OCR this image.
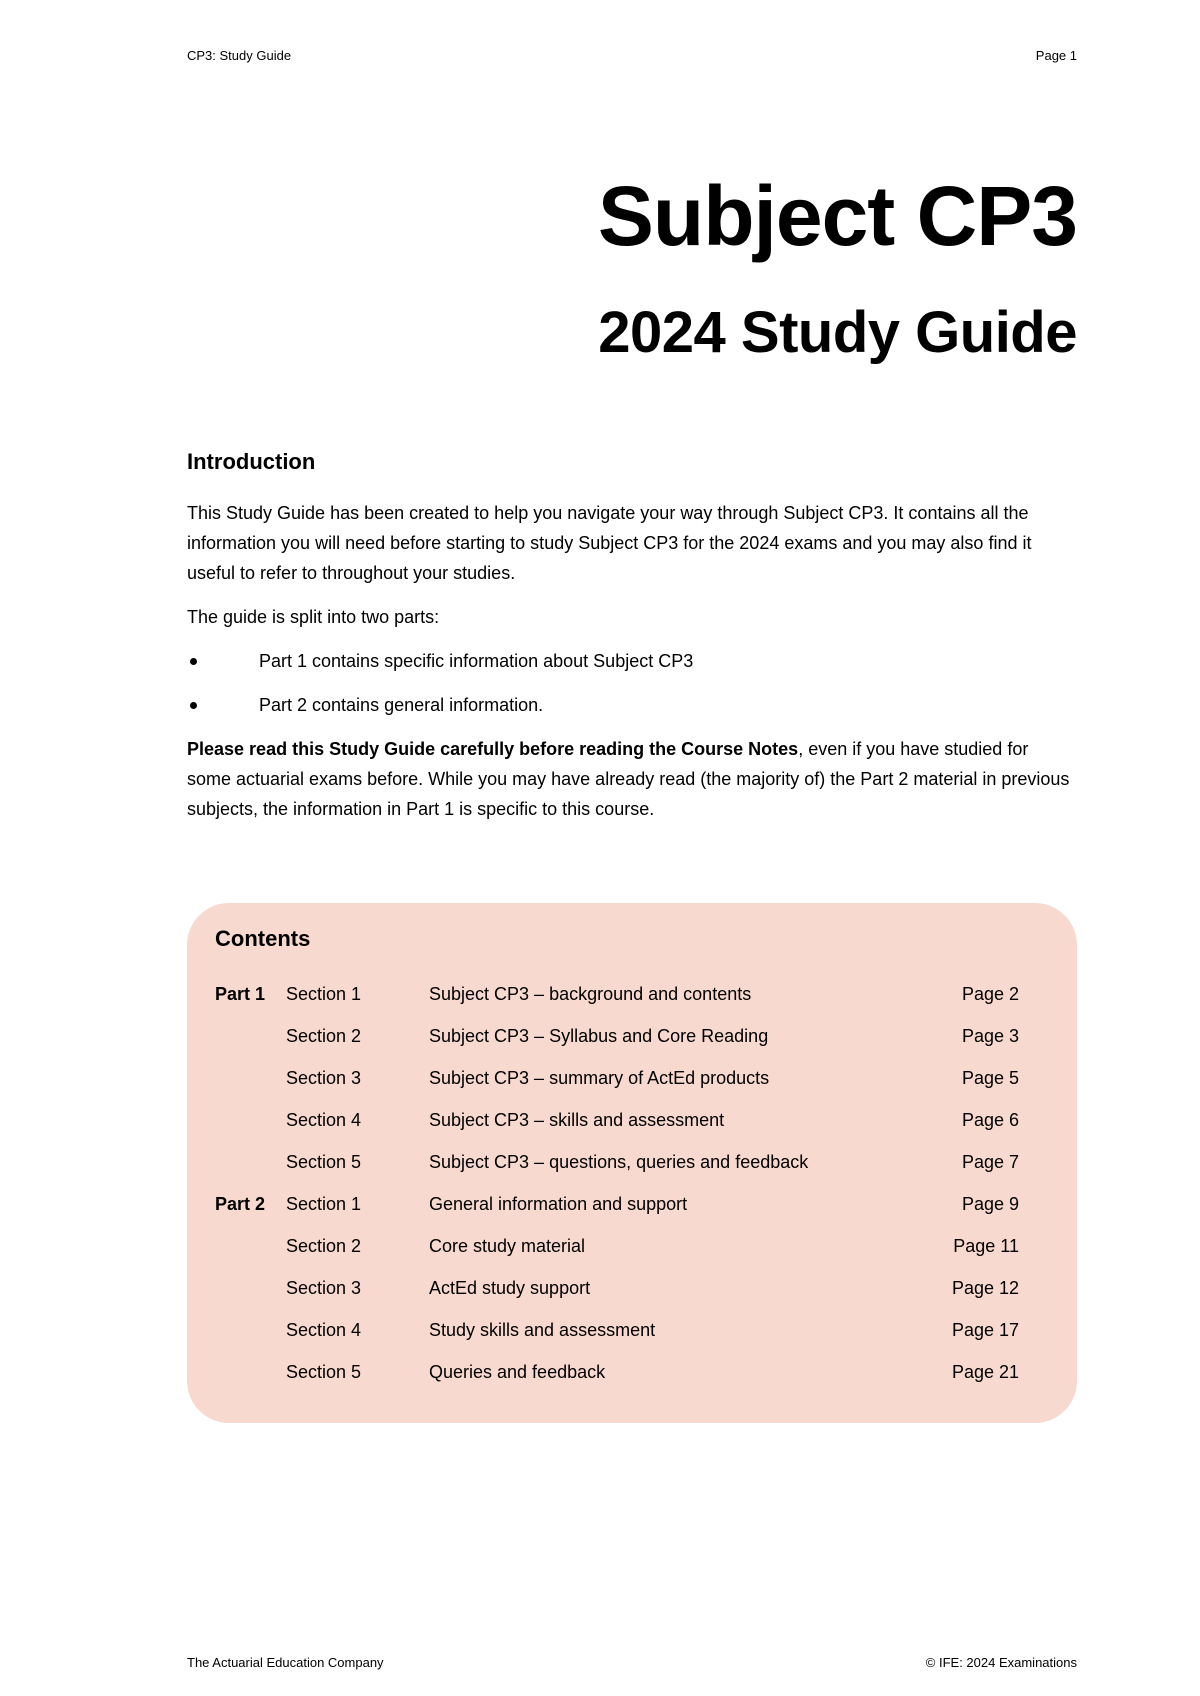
CP3: Study Guide	Page 1
Subject CP3
2024 Study Guide
Introduction

This Study Guide has been created to help you navigate your way through Subject CP3. It contains all the information you will need before starting to study Subject CP3 for the 2024 exams and you may also find it useful to refer to throughout your studies.

The guide is split into two parts:

Part 1 contains specific information about Subject CP3
Part 2 contains general information.

Please read this Study Guide carefully before reading the Course Notes, even if you have studied for some actuarial exams before. While you may have already read (the majority of) the Part 2 material in previous subjects, the information in Part 1 is specific to this course.

Contents
Part 1	Section 1	Subject CP3 – background and contents	Page 2
Section 2	Subject CP3 – Syllabus and Core Reading	Page 3
Section 3	Subject CP3 – summary of ActEd products	Page 5
Section 4	Subject CP3 – skills and assessment	Page 6
Section 5	Subject CP3 – questions, queries and feedback	Page 7
Part 2	Section 1	General information and support	Page 9
Section 2	Core study material	Page 11
Section 3	ActEd study support	Page 12
Section 4	Study skills and assessment	Page 17
Section 5	Queries and feedback	Page 21
The Actuarial Education Company	© IFE: 2024 Examinations
